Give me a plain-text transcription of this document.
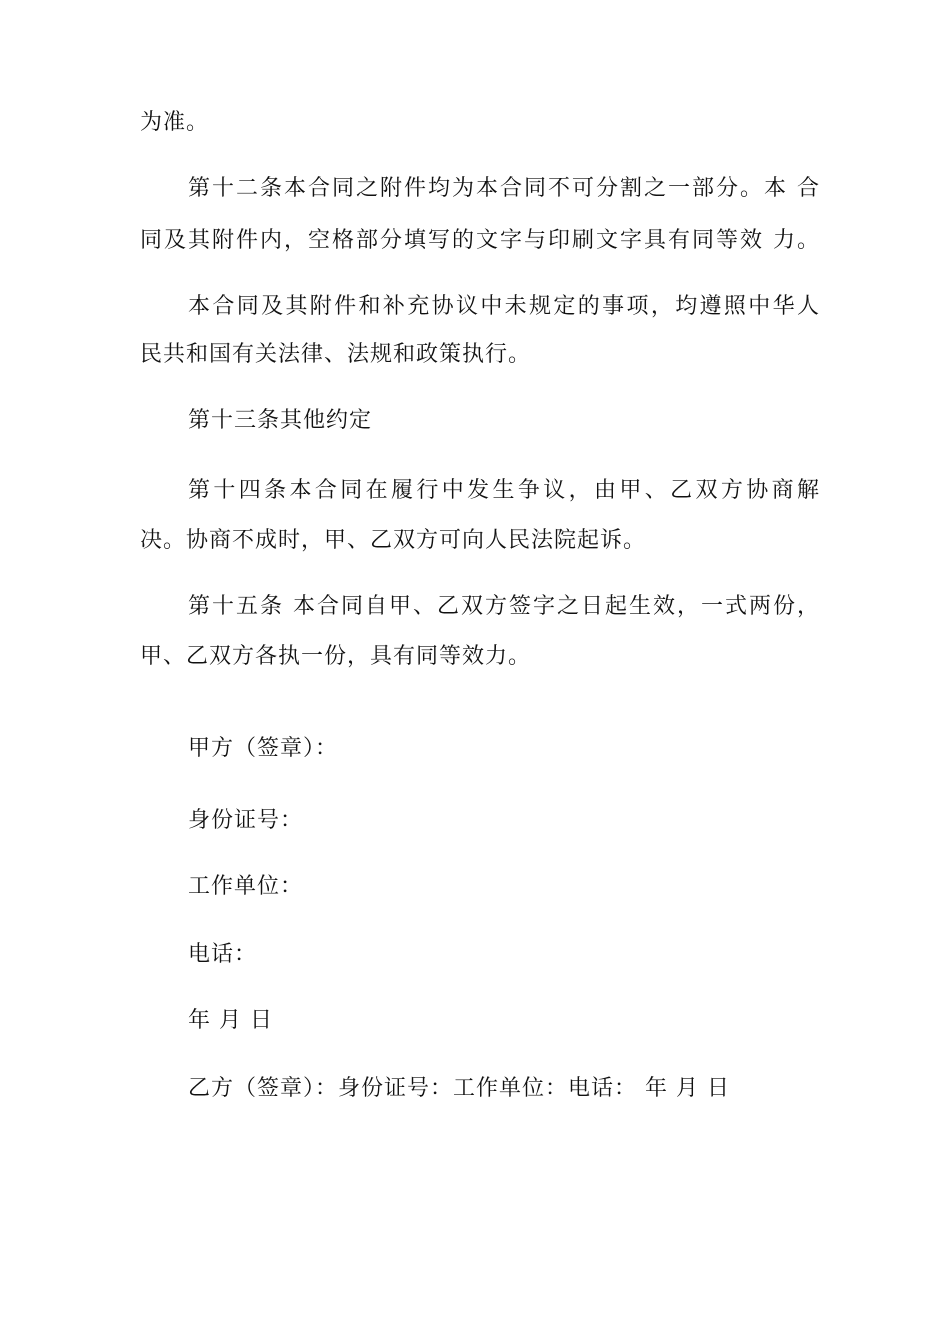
为准。
第十二条本合同之附件均为本合同不可分割之一部分。本 合
同及其附件内，空格部分填写的文字与印刷文字具有同等效 力。
本合同及其附件和补充协议中未规定的事项，均遵照中华人
民共和国有关法律、法规和政策执行。
第十三条其他约定
第十四条本合同在履行中发生争议，由甲、乙双方协商解
决。协商不成时，甲、乙双方可向人民法院起诉。
第十五条 本合同自甲、乙双方签字之日起生效，一式两份，
甲、乙双方各执一份，具有同等效力。
甲方（签章）：
身份证号：
工作单位：
电话：
年 月 日
乙方（签章）：身份证号：工作单位：电话： 年 月 日
